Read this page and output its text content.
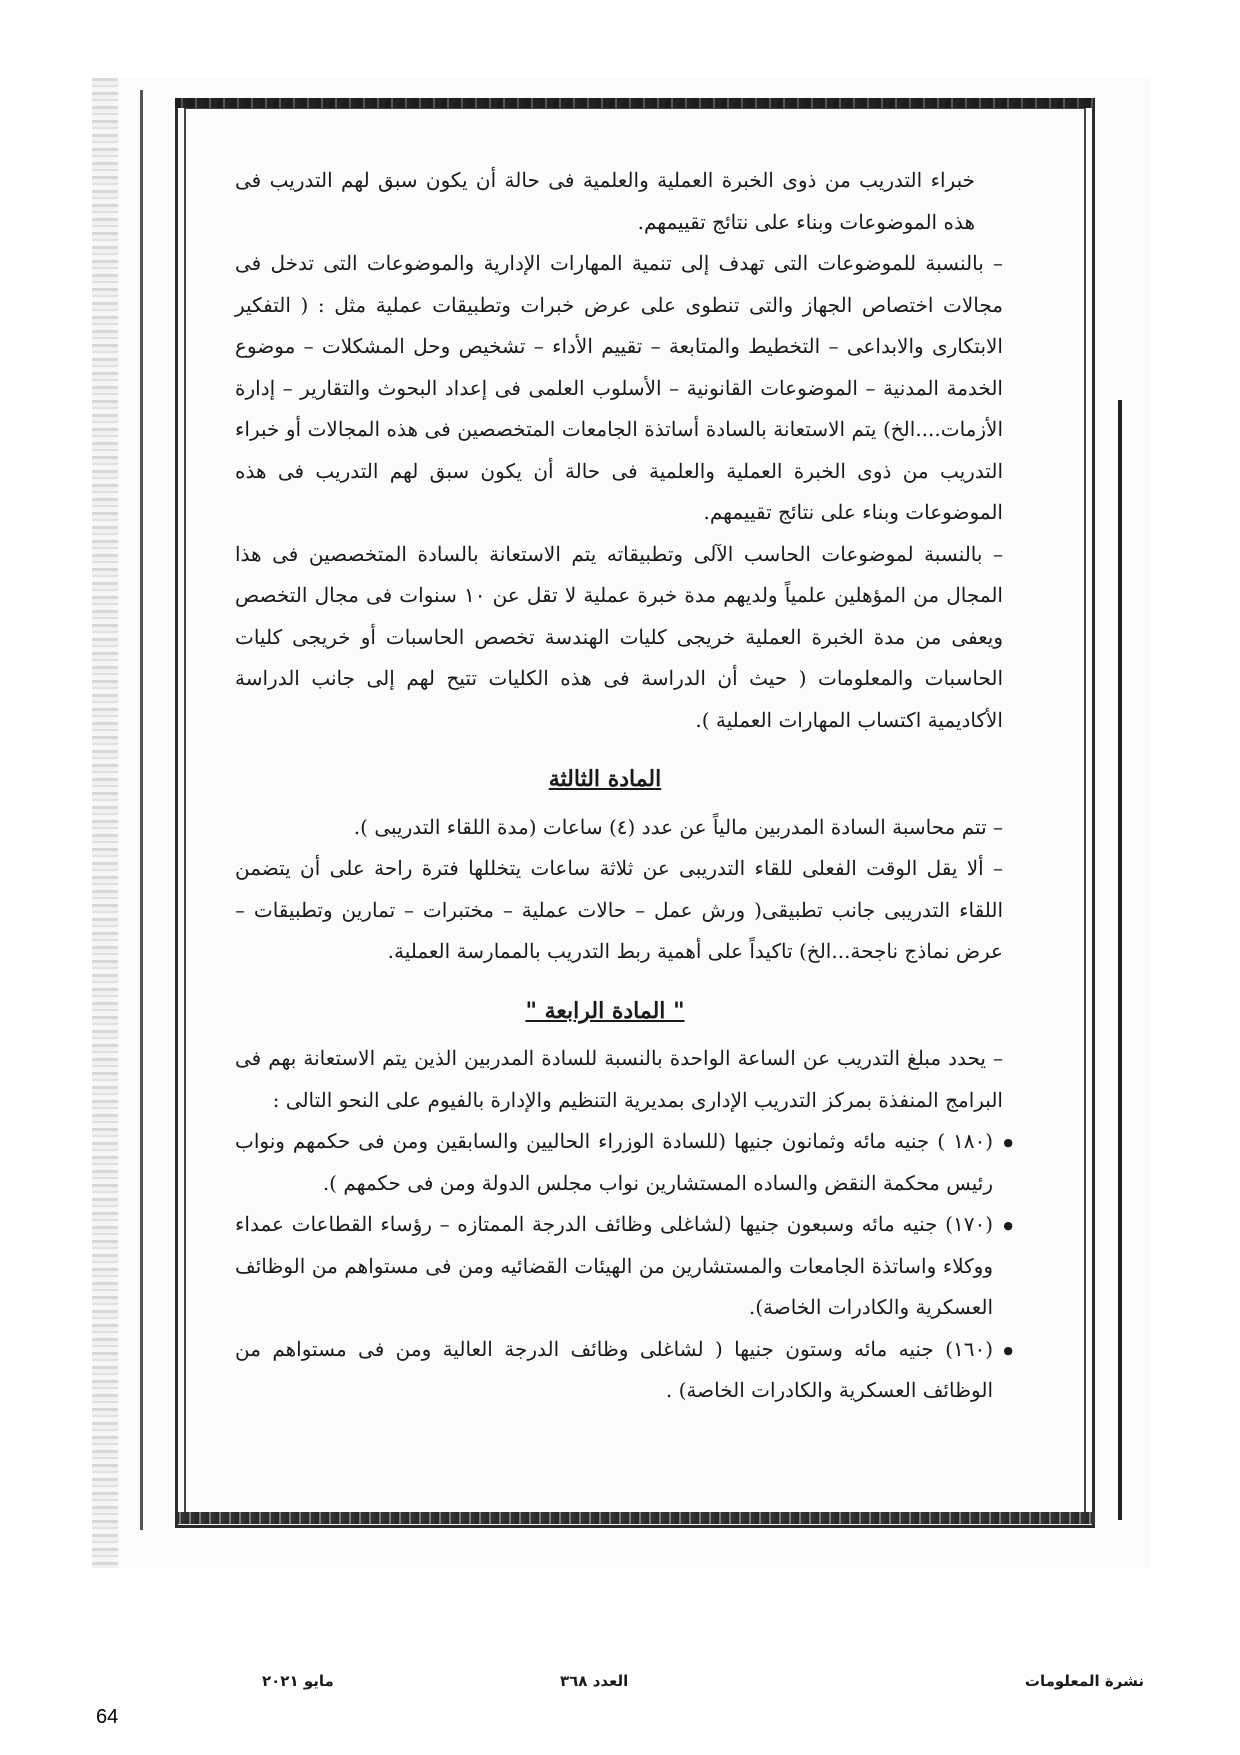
خبراء التدريب من ذوى الخبرة العملية والعلمية فى حالة أن يكون سبق لهم التدريب فى هذه الموضوعات وبناء على نتائج تقييمهم.

– بالنسبة للموضوعات التى تهدف إلى تنمية المهارات الإدارية والموضوعات التى تدخل فى مجالات اختصاص الجهاز والتى تنطوى على عرض خبرات وتطبيقات عملية مثل : ( التفكير الابتكارى والابداعى – التخطيط والمتابعة – تقييم الأداء – تشخيص وحل المشكلات – موضوع الخدمة المدنية – الموضوعات القانونية – الأسلوب العلمى فى إعداد البحوث والتقارير – إدارة الأزمات....الخ) يتم الاستعانة بالسادة أساتذة الجامعات المتخصصين فى هذه المجالات أو خبراء التدريب من ذوى الخبرة العملية والعلمية فى حالة أن يكون سبق لهم التدريب فى هذه الموضوعات وبناء على نتائج تقييمهم.

– بالنسبة لموضوعات الحاسب الآلى وتطبيقاته يتم الاستعانة بالسادة المتخصصين فى هذا المجال من المؤهلين علمياً ولديهم مدة خبرة عملية لا تقل عن ١٠ سنوات فى مجال التخصص ويعفى من مدة الخبرة العملية خريجى كليات الهندسة تخصص الحاسبات أو خريجى كليات الحاسبات والمعلومات ( حيث أن الدراسة فى هذه الكليات تتيح لهم إلى جانب الدراسة الأكاديمية اكتساب المهارات العملية ).

المادة الثالثة

– تتم محاسبة السادة المدربين مالياً عن عدد (٤) ساعات (مدة اللقاء التدريبى ).

– ألا يقل الوقت الفعلى للقاء التدريبى عن ثلاثة ساعات يتخللها فترة راحة على أن يتضمن اللقاء التدريبى جانب تطبيقى( ورش عمل – حالات عملية – مختبرات – تمارين وتطبيقات – عرض نماذج ناجحة...الخ) تاكيداً على أهمية ربط التدريب بالممارسة العملية.

" المادة الرابعة "

– يحدد مبلغ التدريب عن الساعة الواحدة بالنسبة للسادة المدربين الذين يتم الاستعانة بهم فى البرامج المنفذة بمركز التدريب الإدارى بمديرية التنظيم والإدارة بالفيوم على النحو التالى :

● (١٨٠ ) جنيه مائه وثمانون جنيها (للسادة الوزراء الحاليين والسابقين ومن فى حكمهم ونواب رئيس محكمة النقض والساده المستشارين نواب مجلس الدولة ومن فى حكمهم ).

● (١٧٠) جنيه مائه وسبعون جنيها (لشاغلى وظائف الدرجة الممتازه – رؤساء القطاعات عمداء ووكلاء واساتذة الجامعات والمستشارين من الهيئات القضائيه ومن فى مستواهم من الوظائف العسكرية والكادرات الخاصة).

● (١٦٠) جنيه مائه وستون جنيها ( لشاغلى وظائف الدرجة العالية ومن فى مستواهم من الوظائف العسكرية والكادرات الخاصة) .

نشرة المعلومات
العدد ٣٦٨
مايو ٢٠٢١
64
